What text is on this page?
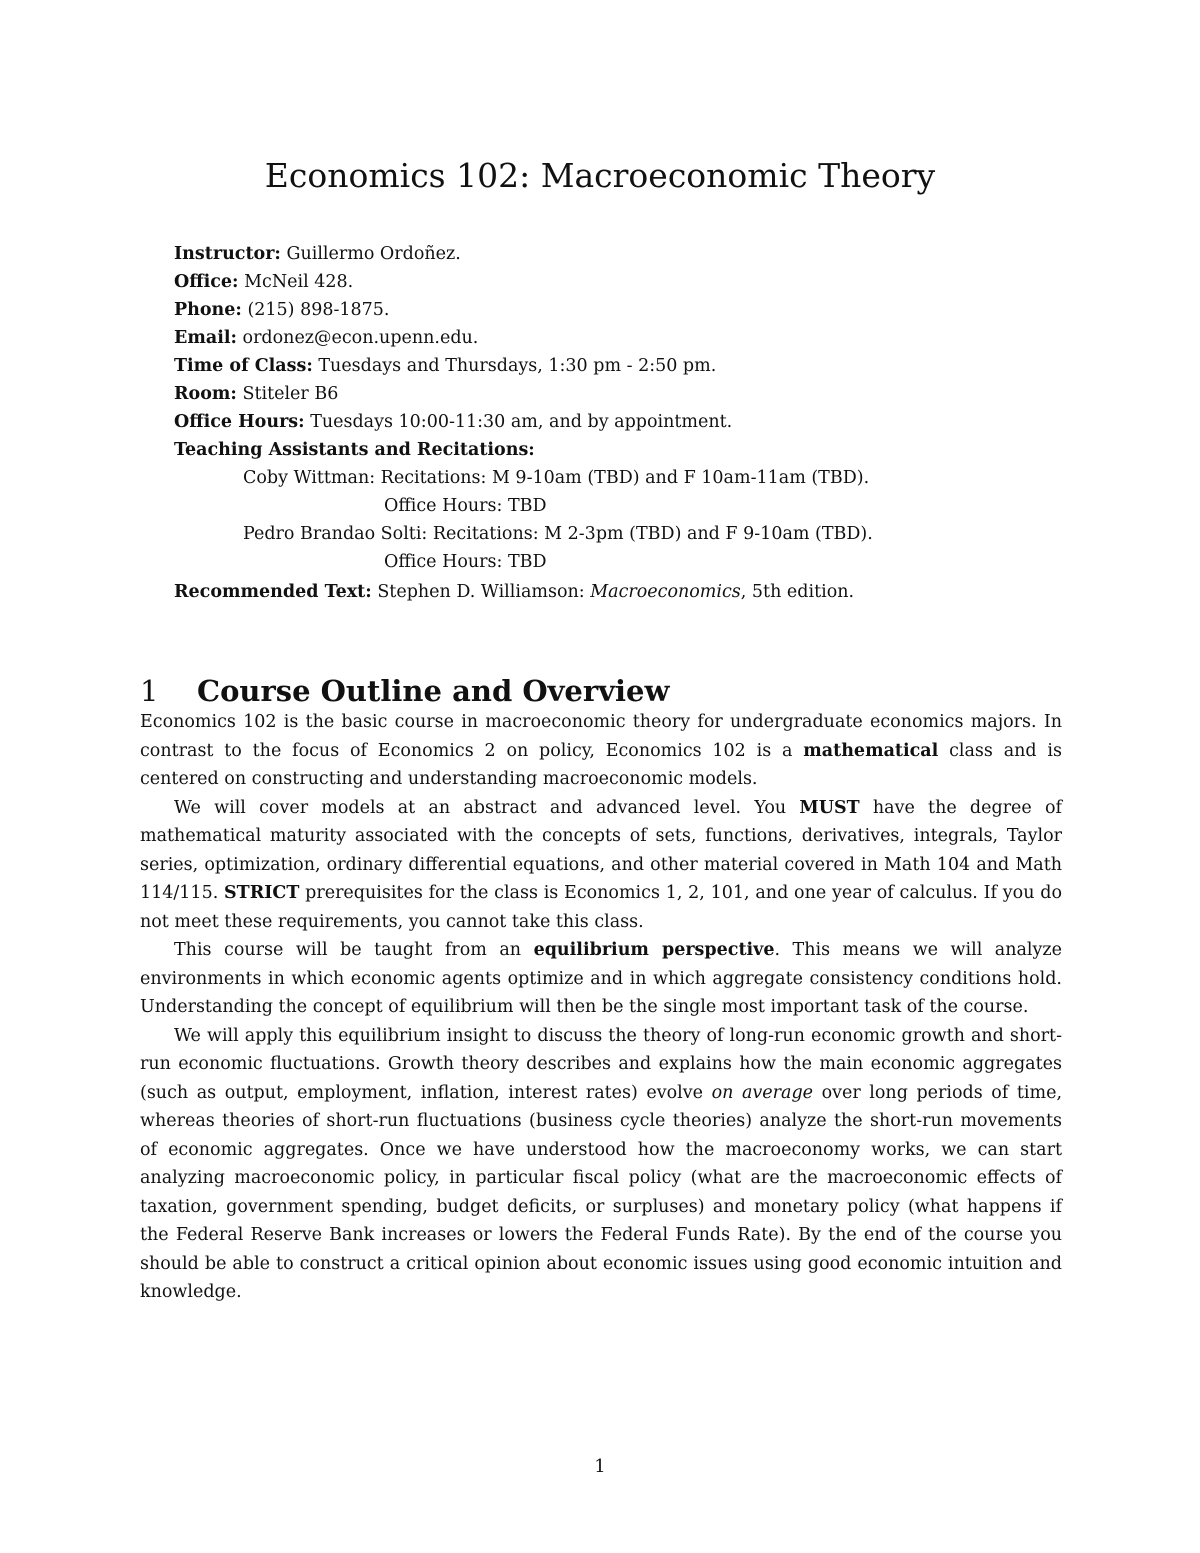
Economics 102: Macroeconomic Theory
Instructor: Guillermo Ordoñez.
Office: McNeil 428.
Phone: (215) 898-1875.
Email: ordonez@econ.upenn.edu.
Time of Class: Tuesdays and Thursdays, 1:30 pm - 2:50 pm.
Room: Stiteler B6
Office Hours: Tuesdays 10:00-11:30 am, and by appointment.
Teaching Assistants and Recitations:
Coby Wittman: Recitations: M 9-10am (TBD) and F 10am-11am (TBD).
Office Hours: TBD
Pedro Brandao Solti: Recitations: M 2-3pm (TBD) and F 9-10am (TBD).
Office Hours: TBD
Recommended Text: Stephen D. Williamson: Macroeconomics, 5th edition.
1 Course Outline and Overview

Economics 102 is the basic course in macroeconomic theory for undergraduate economics majors. In contrast to the focus of Economics 2 on policy, Economics 102 is a mathematical class and is centered on constructing and understanding macroeconomic models.

We will cover models at an abstract and advanced level. You MUST have the degree of mathematical maturity associated with the concepts of sets, functions, derivatives, integrals, Taylor series, optimization, ordinary differential equations, and other material covered in Math 104 and Math 114/115. STRICT prerequisites for the class is Economics 1, 2, 101, and one year of calculus. If you do not meet these requirements, you cannot take this class.

This course will be taught from an equilibrium perspective. This means we will analyze environments in which economic agents optimize and in which aggregate consistency conditions hold. Understanding the concept of equilibrium will then be the single most important task of the course.

We will apply this equilibrium insight to discuss the theory of long-run economic growth and short-run economic fluctuations. Growth theory describes and explains how the main economic aggregates (such as output, employment, inflation, interest rates) evolve on average over long periods of time, whereas theories of short-run fluctuations (business cycle theories) analyze the short-run movements of economic aggregates. Once we have understood how the macroeconomy works, we can start analyzing macroeconomic policy, in particular fiscal policy (what are the macroeconomic effects of taxation, government spending, budget deficits, or surpluses) and monetary policy (what happens if the Federal Reserve Bank increases or lowers the Federal Funds Rate). By the end of the course you should be able to construct a critical opinion about economic issues using good economic intuition and knowledge.

1
